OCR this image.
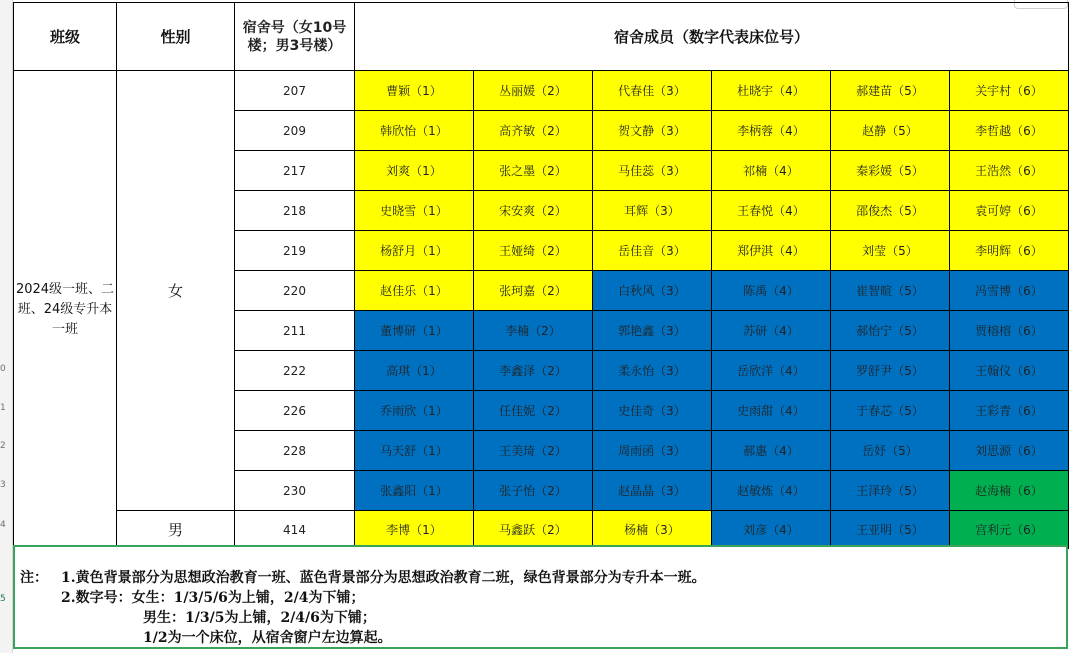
0
1
2
3
4
5
班级	性别	宿舍号（女10号楼；男3号楼）	宿舍成员（数字代表床位号）					
2024级一班、二班、24级专升本一班	女	207	曹颖（1）	丛丽媛（2）	代春佳（3）	杜晓宇（4）	郝建苗（5）	关宇村（6）
		209	韩欣怡（1）	高齐敏（2）	贺文静（3）	李柄蓉（4）	赵静（5）	李哲越（6）
		217	刘爽（1）	张之墨（2）	马佳蕊（3）	祁楠（4）	秦彩媛（5）	王浩然（6）
		218	史晓雪（1）	宋安爽（2）	耳辉（3）	王春悦（4）	邵俊杰（5）	袁可婷（6）
		219	杨舒月（1）	王娅绮（2）	岳佳音（3）	郑伊淇（4）	刘莹（5）	李明辉（6）
		220	赵佳乐（1）	张珂嘉（2）	白秋风（3）	陈禹（4）	崔智暄（5）	冯雪博（6）
		211	董博研（1）	李楠（2）	郭艳鑫（3）	苏研（4）	郝怡宁（5）	贾榕榕（6）
		222	高琪（1）	李鑫泽（2）	柔永怡（3）	岳欣洋（4）	罗舒尹（5）	王翰仪（6）
		226	乔雨欣（1）	任佳妮（2）	史佳奇（3）	史雨甜（4）	于春芯（5）	王彩青（6）
		228	马天舒（1）	王美琦（2）	周雨函（3）	郝惠（4）	岳妤（5）	刘思源（6）
		230	张鑫阳（1）	张子怡（2）	赵晶晶（3）	赵敏炼（4）	王泽玲（5）	赵海楠（6）
	男	414	李博（1）	马鑫跃（2）	杨楠（3）	刘彦（4）	王亚明（5）	宫利元（6）
注： 1.黄色背景部分为思想政治教育一班、蓝色背景部分为思想政治教育二班，绿色背景部分为专升本一班。
2.数字号：女生：1/3/5/6为上铺，2/4为下铺；
男生：1/3/5为上铺，2/4/6为下铺；
1/2为一个床位，从宿舍窗户左边算起。
